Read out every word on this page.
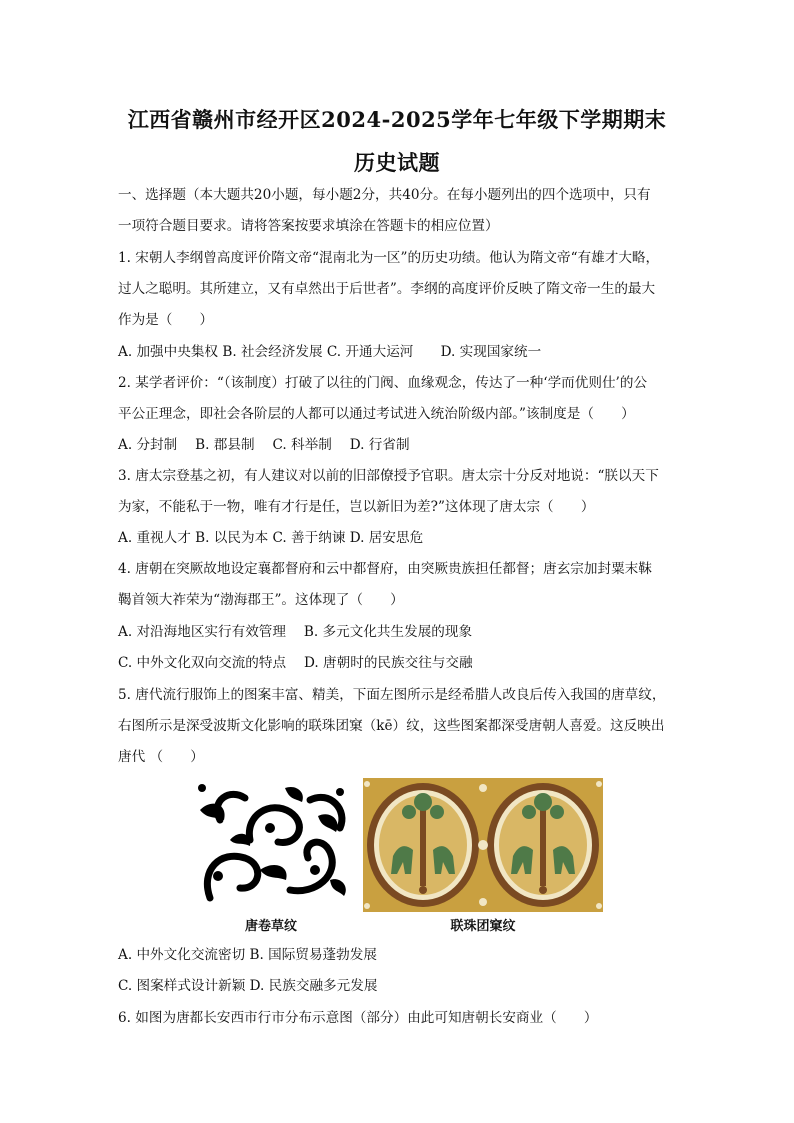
江西省赣州市经开区2024-2025学年七年级下学期期末
历史试题
一、选择题（本大题共20小题，每小题2分，共40分。在每小题列出的四个选项中，只有
一项符合题目要求。请将答案按要求填涂在答题卡的相应位置）
1. 宋朝人李纲曾高度评价隋文帝“混南北为一区”的历史功绩。他认为隋文帝“有雄才大略，
过人之聪明。其所建立，又有卓然出于后世者”。李纲的高度评价反映了隋文帝一生的最大
作为是（　　）
A. 加强中央集权 B. 社会经济发展 C. 开通大运河　　D. 实现国家统一
2. 某学者评价：“（该制度）打破了以往的门阀、血缘观念，传达了一种‘学而优则仕’的公
平公正理念，即社会各阶层的人都可以通过考试进入统治阶级内部。”该制度是（　　）
A. 分封制　 B. 郡县制　 C. 科举制　 D. 行省制
3. 唐太宗登基之初，有人建议对以前的旧部僚授予官职。唐太宗十分反对地说：“朕以天下
为家，不能私于一物，唯有才行是任，岂以新旧为差?”这体现了唐太宗（　　）
A. 重视人才 B. 以民为本 C. 善于纳谏 D. 居安思危
4. 唐朝在突厥故地设定襄都督府和云中都督府，由突厥贵族担任都督；唐玄宗加封粟末靺
鞨首领大祚荣为“渤海郡王”。这体现了（　　）
A. 对沿海地区实行有效管理　 B. 多元文化共生发展的现象
C. 中外文化双向交流的特点　 D. 唐朝时的民族交往与交融
5. 唐代流行服饰上的图案丰富、精美，下面左图所示是经希腊人改良后传入我国的唐草纹，
右图所示是深受波斯文化影响的联珠团窠（kē）纹，这些图案都深受唐朝人喜爱。这反映出
唐代 （　　）
唐卷草纹	联珠团窠纹
A. 中外文化交流密切 B. 国际贸易蓬勃发展
C. 图案样式设计新颖 D. 民族交融多元发展
6. 如图为唐都长安西市行市分布示意图（部分）由此可知唐朝长安商业（　　）
